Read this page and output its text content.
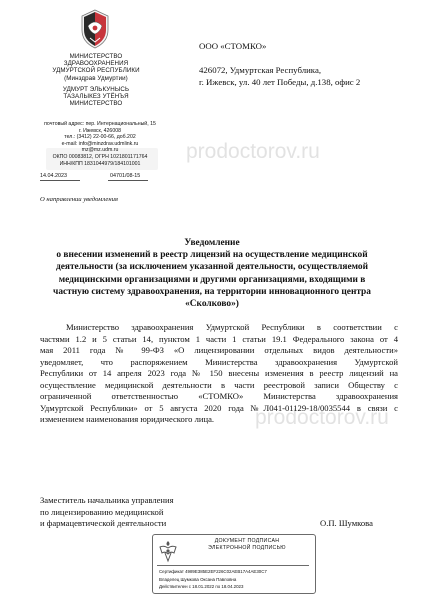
МИНИСТЕРСТВО
ЗДРАВООХРАНЕНИЯ
УДМУРТСКОЙ РЕСПУБЛИКИ
(Минздрав Удмуртии)
УДМУРТ ЭЛЬКУНЫСЬ
ТАЗАЛЫКЕЗ УТЁНЪЯ
МИНИСТЕРСТВО
почтовый адрес: пер. Интернациональный, 15
г. Ижевск, 426008
тел.: (3412) 22-00-66, доб.202
e-mail: info@minzdrav.udmlink.ru
mz@mz.udm.ru
ОКПО 00083812, ОГРН 1021801171764
ИНН/КПП 1831044979/184101001
14.04.2023	04701/08-15
О направлении уведомления
ООО «СТОМКО»
426072, Удмуртская Республика,
г. Ижевск, ул. 40 лет Победы, д.138, офис 2
prodoctorov.ru
prodoctorov.ru
Уведомление
о внесении изменений в реестр лицензий на осуществление медицинской
деятельности (за исключением указанной деятельности, осуществляемой
медицинскими организациями и другими организациями, входящими в
частную систему здравоохранения, на территории инновационного центра
«Сколково»)
Министерство здравоохранения Удмуртской Республики в соответствии с
частями 1.2 и 5 статьи 14, пунктом 1 части 1 статьи 19.1 Федерального закона от 4
мая 2011 года № 99-ФЗ «О лицензировании отдельных видов деятельности»
уведомляет, что распоряжением Министерства здравоохранения Удмуртской
Республики от 14 апреля 2023 года № 150 внесены изменения в реестр лицензий на
осуществление медицинской деятельности в части реестровой записи Обществу с
ограниченной ответственностью «СТОМКО» Министерства здравоохранения
Удмуртской Республики» от 5 августа 2020 года №Л041-01129-18/0035544 в связи с
изменением наименования юридического лица.
Заместитель начальника управления
по лицензированию медицинской
и фармацевтической деятельности	О.П. Шумкова
ДОКУМЕНТ ПОДПИСАН
ЭЛЕКТРОННОЙ ПОДПИСЬЮ
Сертификат 4989E385E2EF226C02AEB17A4AE30C7
Владелец Шумкова Оксана Павловна
Действителен с 18.01.2022 по 18.04.2023
